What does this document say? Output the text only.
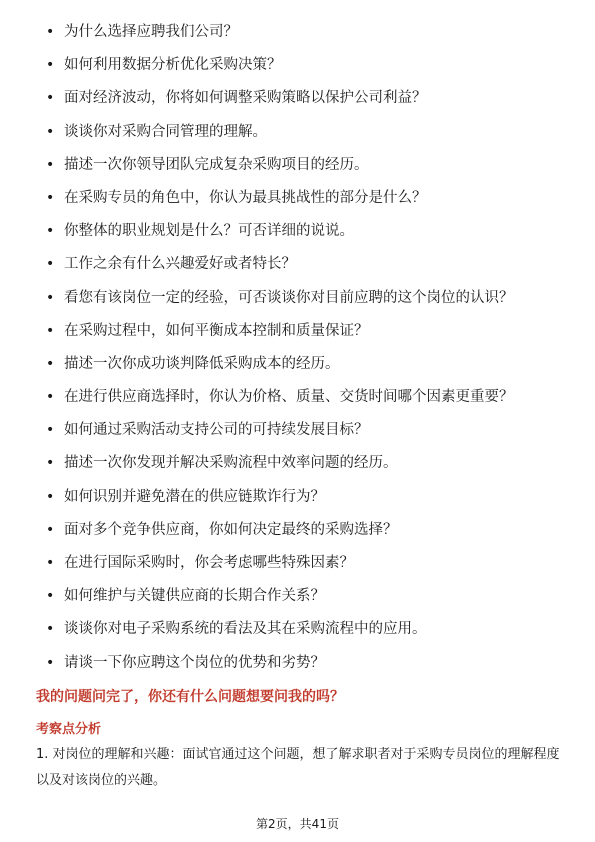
• 为什么选择应聘我们公司？
• 如何利用数据分析优化采购决策？
• 面对经济波动，你将如何调整采购策略以保护公司利益？
• 谈谈你对采购合同管理的理解。
• 描述一次你领导团队完成复杂采购项目的经历。
• 在采购专员的角色中，你认为最具挑战性的部分是什么？
• 你整体的职业规划是什么？可否详细的说说。
• 工作之余有什么兴趣爱好或者特长？
• 看您有该岗位一定的经验，可否谈谈你对目前应聘的这个岗位的认识？
• 在采购过程中，如何平衡成本控制和质量保证？
• 描述一次你成功谈判降低采购成本的经历。
• 在进行供应商选择时，你认为价格、质量、交货时间哪个因素更重要？
• 如何通过采购活动支持公司的可持续发展目标？
• 描述一次你发现并解决采购流程中效率问题的经历。
• 如何识别并避免潜在的供应链欺诈行为？
• 面对多个竞争供应商，你如何决定最终的采购选择？
• 在进行国际采购时，你会考虑哪些特殊因素？
• 如何维护与关键供应商的长期合作关系？
• 谈谈你对电子采购系统的看法及其在采购流程中的应用。
• 请谈一下你应聘这个岗位的优势和劣势？
我的问题问完了，你还有什么问题想要问我的吗？
考察点分析
1. 对岗位的理解和兴趣：面试官通过这个问题，想了解求职者对于采购专员岗位的理解程度以及对该岗位的兴趣。
第2页，共41页
